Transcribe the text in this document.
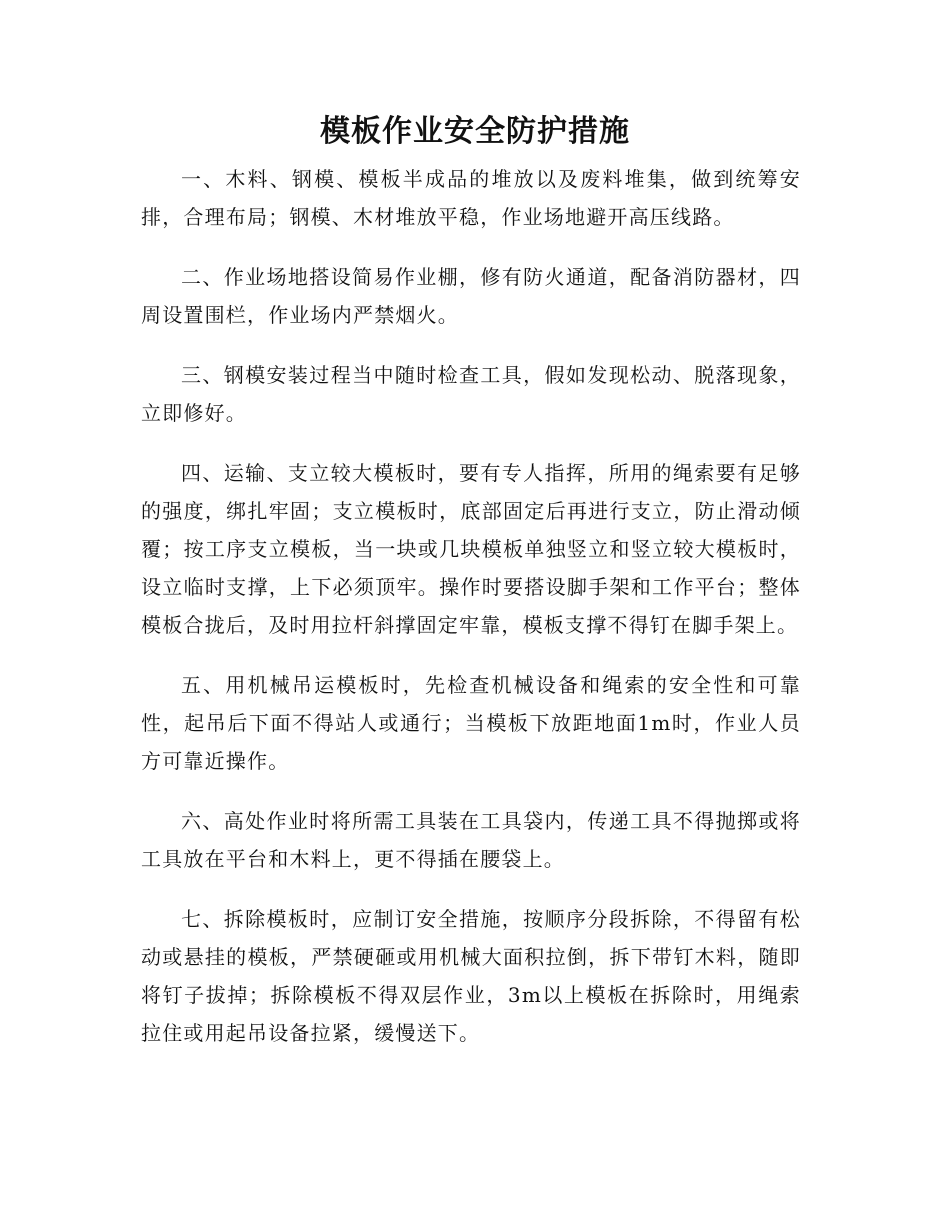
模板作业安全防护措施

一、木料、钢模、模板半成品的堆放以及废料堆集，做到统筹安排，合理布局；钢模、木材堆放平稳，作业场地避开高压线路。

二、作业场地搭设简易作业棚，修有防火通道，配备消防器材，四周设置围栏，作业场内严禁烟火。

三、钢模安装过程当中随时检查工具，假如发现松动、脱落现象，立即修好。

四、运输、支立较大模板时，要有专人指挥，所用的绳索要有足够的强度，绑扎牢固；支立模板时，底部固定后再进行支立，防止滑动倾覆；按工序支立模板，当一块或几块模板单独竖立和竖立较大模板时，设立临时支撑，上下必须顶牢。操作时要搭设脚手架和工作平台；整体模板合拢后，及时用拉杆斜撑固定牢靠，模板支撑不得钉在脚手架上。

五、用机械吊运模板时，先检查机械设备和绳索的安全性和可靠性，起吊后下面不得站人或通行；当模板下放距地面1m时，作业人员方可靠近操作。

六、高处作业时将所需工具装在工具袋内，传递工具不得抛掷或将工具放在平台和木料上，更不得插在腰袋上。

七、拆除模板时，应制订安全措施，按顺序分段拆除，不得留有松动或悬挂的模板，严禁硬砸或用机械大面积拉倒，拆下带钉木料，随即将钉子拔掉；拆除模板不得双层作业，3m以上模板在拆除时，用绳索拉住或用起吊设备拉紧，缓慢送下。
